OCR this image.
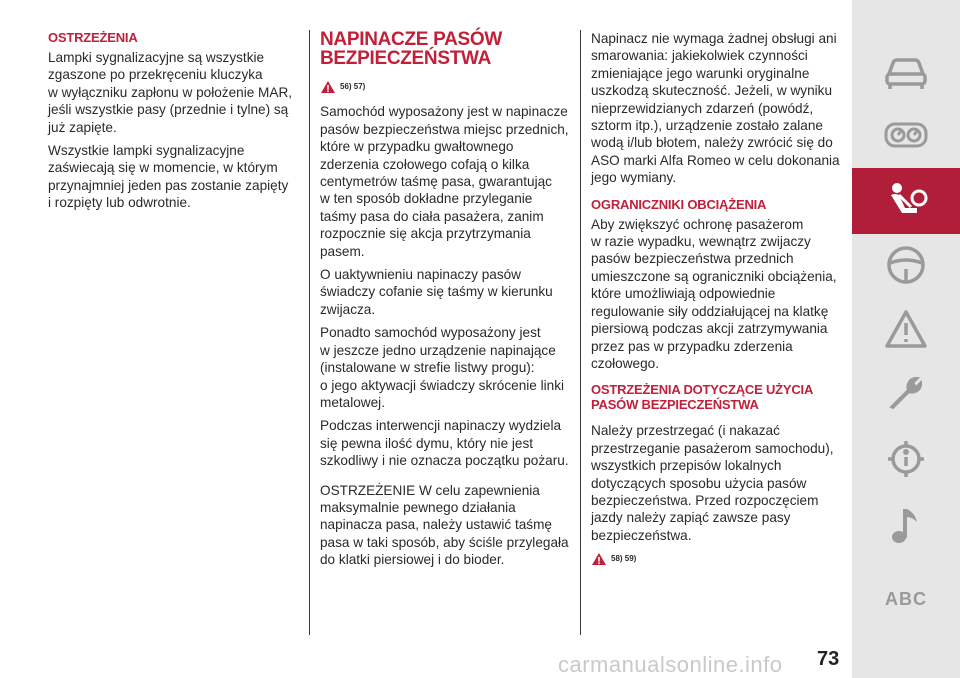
OSTRZEŻENIA

Lampki sygnalizacyjne są wszystkie
zgaszone po przekręceniu kluczyka
w wyłączniku zapłonu w położenie MAR,
jeśli wszystkie pasy (przednie i tylne) są
już zapięte.

Wszystkie lampki sygnalizacyjne
zaświecają się w momencie, w którym
przynajmniej jeden pas zostanie zapięty
i rozpięty lub odwrotnie.

NAPINACZE PASÓW
BEZPIECZEŃSTWA
56) 57)

Samochód wyposażony jest w napinacze
pasów bezpieczeństwa miejsc przednich,
które w przypadku gwałtownego
zderzenia czołowego cofają o kilka
centymetrów taśmę pasa, gwarantując
w ten sposób dokładne przyleganie
taśmy pasa do ciała pasażera, zanim
rozpocznie się akcja przytrzymania
pasem.

O uaktywnieniu napinaczy pasów
świadczy cofanie się taśmy w kierunku
zwijacza.

Ponadto samochód wyposażony jest
w jeszcze jedno urządzenie napinające
(instalowane w strefie listwy progu):
o jego aktywacji świadczy skrócenie linki
metalowej.

Podczas interwencji napinaczy wydziela
się pewna ilość dymu, który nie jest
szkodliwy i nie oznacza początku pożaru.

OSTRZEŻENIE W celu zapewnienia
maksymalnie pewnego działania
napinacza pasa, należy ustawić taśmę
pasa w taki sposób, aby ściśle przylegała
do klatki piersiowej i do bioder.

Napinacz nie wymaga żadnej obsługi ani
smarowania: jakiekolwiek czynności
zmieniające jego warunki oryginalne
uszkodzą skuteczność. Jeżeli, w wyniku
nieprzewidzianych zdarzeń (powódź,
sztorm itp.), urządzenie zostało zalane
wodą i/lub błotem, należy zwrócić się do
ASO marki Alfa Romeo w celu dokonania
jego wymiany.

OGRANICZNIKI OBCIĄŻENIA

Aby zwiększyć ochronę pasażerom
w razie wypadku, wewnątrz zwijaczy
pasów bezpieczeństwa przednich
umieszczone są ograniczniki obciążenia,
które umożliwiają odpowiednie
regulowanie siły oddziałującej na klatkę
piersiową podczas akcji zatrzymywania
przez pas w przypadku zderzenia
czołowego.

OSTRZEŻENIA DOTYCZĄCE UŻYCIA
PASÓW BEZPIECZEŃSTWA

Należy przestrzegać (i nakazać
przestrzeganie pasażerom samochodu),
wszystkich przepisów lokalnych
dotyczących sposobu użycia pasów
bezpieczeństwa. Przed rozpoczęciem
jazdy należy zapiąć zawsze pasy
bezpieczeństwa.

58) 59)
ABC
carmanualsonline.info 73
